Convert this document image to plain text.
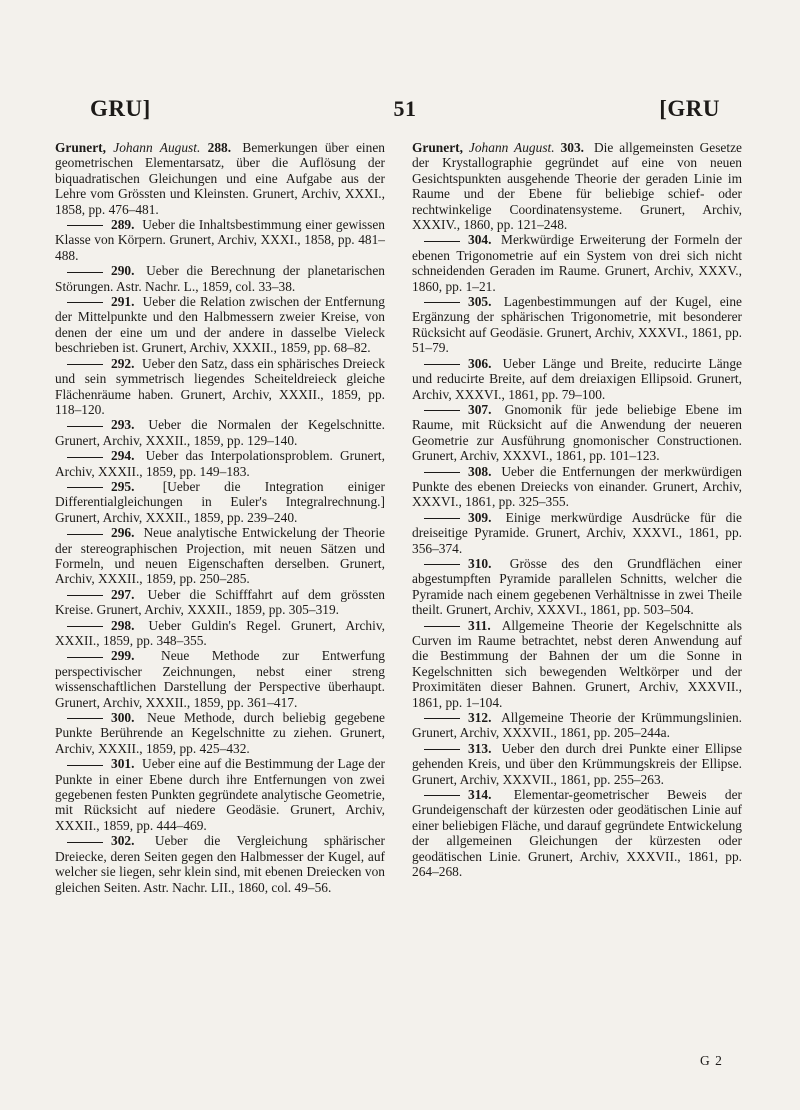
GRU]	51	[GRU

Grunert, Johann August. 288. Bemerkungen über einen geometrischen Elementarsatz, über die Auflösung der biquadratischen Gleichungen und eine Aufgabe aus der Lehre vom Grössten und Kleinsten. Grunert, Archiv, XXXI., 1858, pp. 476–481.

289. Ueber die Inhaltsbestimmung einer gewissen Klasse von Körpern. Grunert, Archiv, XXXI., 1858, pp. 481–488.

290. Ueber die Berechnung der planetarischen Störungen. Astr. Nachr. L., 1859, col. 33–38.

291. Ueber die Relation zwischen der Entfernung der Mittelpunkte und den Halbmessern zweier Kreise, von denen der eine um und der andere in dasselbe Vieleck beschrieben ist. Grunert, Archiv, XXXII., 1859, pp. 68–82.

292. Ueber den Satz, dass ein sphärisches Dreieck und sein symmetrisch liegendes Scheiteldreieck gleiche Flächenräume haben. Grunert, Archiv, XXXII., 1859, pp. 118–120.

293. Ueber die Normalen der Kegelschnitte. Grunert, Archiv, XXXII., 1859, pp. 129–140.

294. Ueber das Interpolationsproblem. Grunert, Archiv, XXXII., 1859, pp. 149–183.

295. [Ueber die Integration einiger Differentialgleichungen in Euler's Integralrechnung.] Grunert, Archiv, XXXII., 1859, pp. 239–240.

296. Neue analytische Entwickelung der Theorie der stereographischen Projection, mit neuen Sätzen und Formeln, und neuen Eigenschaften derselben. Grunert, Archiv, XXXII., 1859, pp. 250–285.

297. Ueber die Schifffahrt auf dem grössten Kreise. Grunert, Archiv, XXXII., 1859, pp. 305–319.

298. Ueber Guldin's Regel. Grunert, Archiv, XXXII., 1859, pp. 348–355.

299. Neue Methode zur Entwerfung perspectivischer Zeichnungen, nebst einer streng wissenschaftlichen Darstellung der Perspective überhaupt. Grunert, Archiv, XXXII., 1859, pp. 361–417.

300. Neue Methode, durch beliebig gegebene Punkte Berührende an Kegelschnitte zu ziehen. Grunert, Archiv, XXXII., 1859, pp. 425–432.

301. Ueber eine auf die Bestimmung der Lage der Punkte in einer Ebene durch ihre Entfernungen von zwei gegebenen festen Punkten gegründete analytische Geometrie, mit Rücksicht auf niedere Geodäsie. Grunert, Archiv, XXXII., 1859, pp. 444–469.

302. Ueber die Vergleichung sphärischer Dreiecke, deren Seiten gegen den Halbmesser der Kugel, auf welcher sie liegen, sehr klein sind, mit ebenen Dreiecken von gleichen Seiten. Astr. Nachr. LII., 1860, col. 49–56.

Grunert, Johann August. 303. Die allgemeinsten Gesetze der Krystallographie gegründet auf eine von neuen Gesichtspunkten ausgehende Theorie der geraden Linie im Raume und der Ebene für beliebige schief- oder rechtwinkelige Coordinatensysteme. Grunert, Archiv, XXXIV., 1860, pp. 121–248.

304. Merkwürdige Erweiterung der Formeln der ebenen Trigonometrie auf ein System von drei sich nicht schneidenden Geraden im Raume. Grunert, Archiv, XXXV., 1860, pp. 1–21.

305. Lagenbestimmungen auf der Kugel, eine Ergänzung der sphärischen Trigonometrie, mit besonderer Rücksicht auf Geodäsie. Grunert, Archiv, XXXVI., 1861, pp. 51–79.

306. Ueber Länge und Breite, reducirte Länge und reducirte Breite, auf dem dreiaxigen Ellipsoid. Grunert, Archiv, XXXVI., 1861, pp. 79–100.

307. Gnomonik für jede beliebige Ebene im Raume, mit Rücksicht auf die Anwendung der neueren Geometrie zur Ausführung gnomonischer Constructionen. Grunert, Archiv, XXXVI., 1861, pp. 101–123.

308. Ueber die Entfernungen der merkwürdigen Punkte des ebenen Dreiecks von einander. Grunert, Archiv, XXXVI., 1861, pp. 325–355.

309. Einige merkwürdige Ausdrücke für die dreiseitige Pyramide. Grunert, Archiv, XXXVI., 1861, pp. 356–374.

310. Grösse des den Grundflächen einer abgestumpften Pyramide parallelen Schnitts, welcher die Pyramide nach einem gegebenen Verhältnisse in zwei Theile theilt. Grunert, Archiv, XXXVI., 1861, pp. 503–504.

311. Allgemeine Theorie der Kegelschnitte als Curven im Raume betrachtet, nebst deren Anwendung auf die Bestimmung der Bahnen der um die Sonne in Kegelschnitten sich bewegenden Weltkörper und der Proximitäten dieser Bahnen. Grunert, Archiv, XXXVII., 1861, pp. 1–104.

312. Allgemeine Theorie der Krümmungslinien. Grunert, Archiv, XXXVII., 1861, pp. 205–244a.

313. Ueber den durch drei Punkte einer Ellipse gehenden Kreis, und über den Krümmungskreis der Ellipse. Grunert, Archiv, XXXVII., 1861, pp. 255–263.

314. Elementar-geometrischer Beweis der Grundeigenschaft der kürzesten oder geodätischen Linie auf einer beliebigen Fläche, und darauf gegründete Entwickelung der allgemeinen Gleichungen der kürzesten oder geodätischen Linie. Grunert, Archiv, XXXVII., 1861, pp. 264–268.

G 2
